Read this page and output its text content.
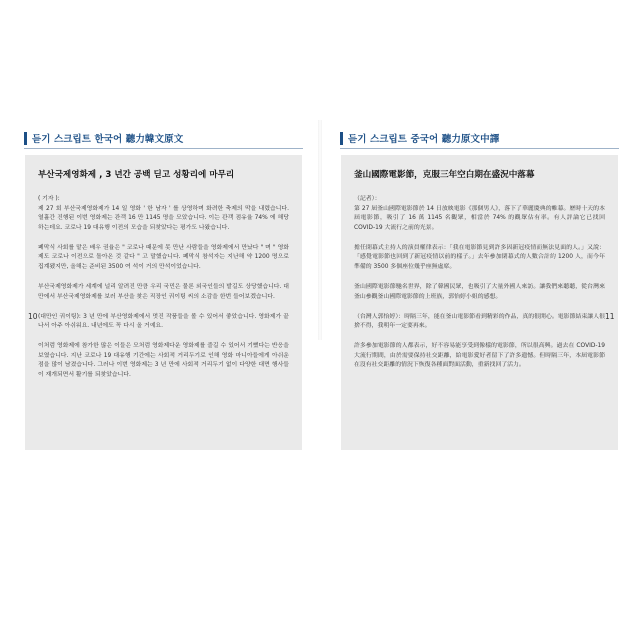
듣기 스크립트 한국어 聽力韓文原文
부산국제영화제 , 3 년간 공백 딛고 성황리에 마무리

( 기자 ):
제 27 회 부산국제영화제가 14 일 영화 ' 한 남자 ' 를 상영하며 화려한 축제의 막을 내렸습니다. 열흘간 진행된 이번 영화제는 관객 16 만 1145 명을 모았습니다. 이는 관객 점유율 74% 에 해당하는데요. 코로나 19 대유행 이전의 모습을 되찾았다는 평가도 나왔습니다.

폐막식 사회를 맡은 배우 권율은 " 코로나 때문에 못 만난 사람들을 영화제에서 만났다 " 며 " 영화제도 코로나 이전으로 돌아온 것 같다 " 고 말했습니다. 폐막식 참석자는 지난해 약 1200 명으로 집계됐지만, 올해는 준비된 3500 여 석이 거의 만석이었습니다.

부산국제영화제가 세계에 널리 알려진 만큼 우리 국민은 물론 외국인들의 발길도 상당했습니다. 대만에서 부산국제영화제를 보러 부산을 찾은 직장인 궈이팅 씨의 소감을 한번 들어보겠습니다.

(대만인 궈이팅): 3 년 만에 부산영화제에서 멋진 작품들을 볼 수 있어서 좋았습니다. 영화제가 끝나서 아주 아쉬워요. 내년에도 꼭 다시 올 거예요.

이처럼 영화제에 참가한 많은 이들은 모처럼 영화제다운 영화제를 즐길 수 있어서 기뻤다는 반응을 보였습니다. 지난 코로나 19 대유행 기간에는 사회적 거리두기로 인해 영화 마니아들에게 아쉬운 점을 많이 남겼습니다. 그러나 이번 영화제는 3 년 만에 사회적 거리두기 없이 다양한 대면 행사들이 재개되면서 활기를 되찾았습니다.

10
듣기 스크립트 중국어 聽力原文中譯
釜山國際電影節，克服三年空白期在盛況中落幕

（記者）：
第 27 屆釜山國際電影節於 14 日放映電影《那個男人》，落下了華麗慶典的帷幕。歷時十天的本屆電影節，吸引了 16 萬 1145 名觀眾，相當於 74% 的觀眾佔有率。有人評論它已找回 COVID-19 大流行之前的光景。

擔任閉幕式主持人的演員權律表示：「我在電影節見到許多因新冠疫情而無法見面的人。」又說：「感覺電影節也回到了新冠疫情以前的樣子。」去年參加閉幕式的人數合計約 1200 人，而今年準備的 3500 多個座位幾乎座無虛席。

釜山國際電影節馳名世界，除了韓國民眾，也吸引了大量外國人來訪。讓我們來聽聽，從台灣來釜山參觀釜山國際電影節的上班族，郭怡婷小姐的感想。

（台灣人郭怡婷）：時隔三年，能在釜山電影節看到精彩的作品，真的很開心。電影節結束讓人很捨不得，我明年一定要再來。

許多參加電影節的人都表示，好不容易能享受到像樣的電影節，所以很高興。過去在 COVID-19 大流行期間，由於需要保持社交距離，給電影愛好者留下了許多遺憾。但時隔三年，本屆電影節在沒有社交距離的情況下恢復各種面對面活動，重新找回了活力。

11
